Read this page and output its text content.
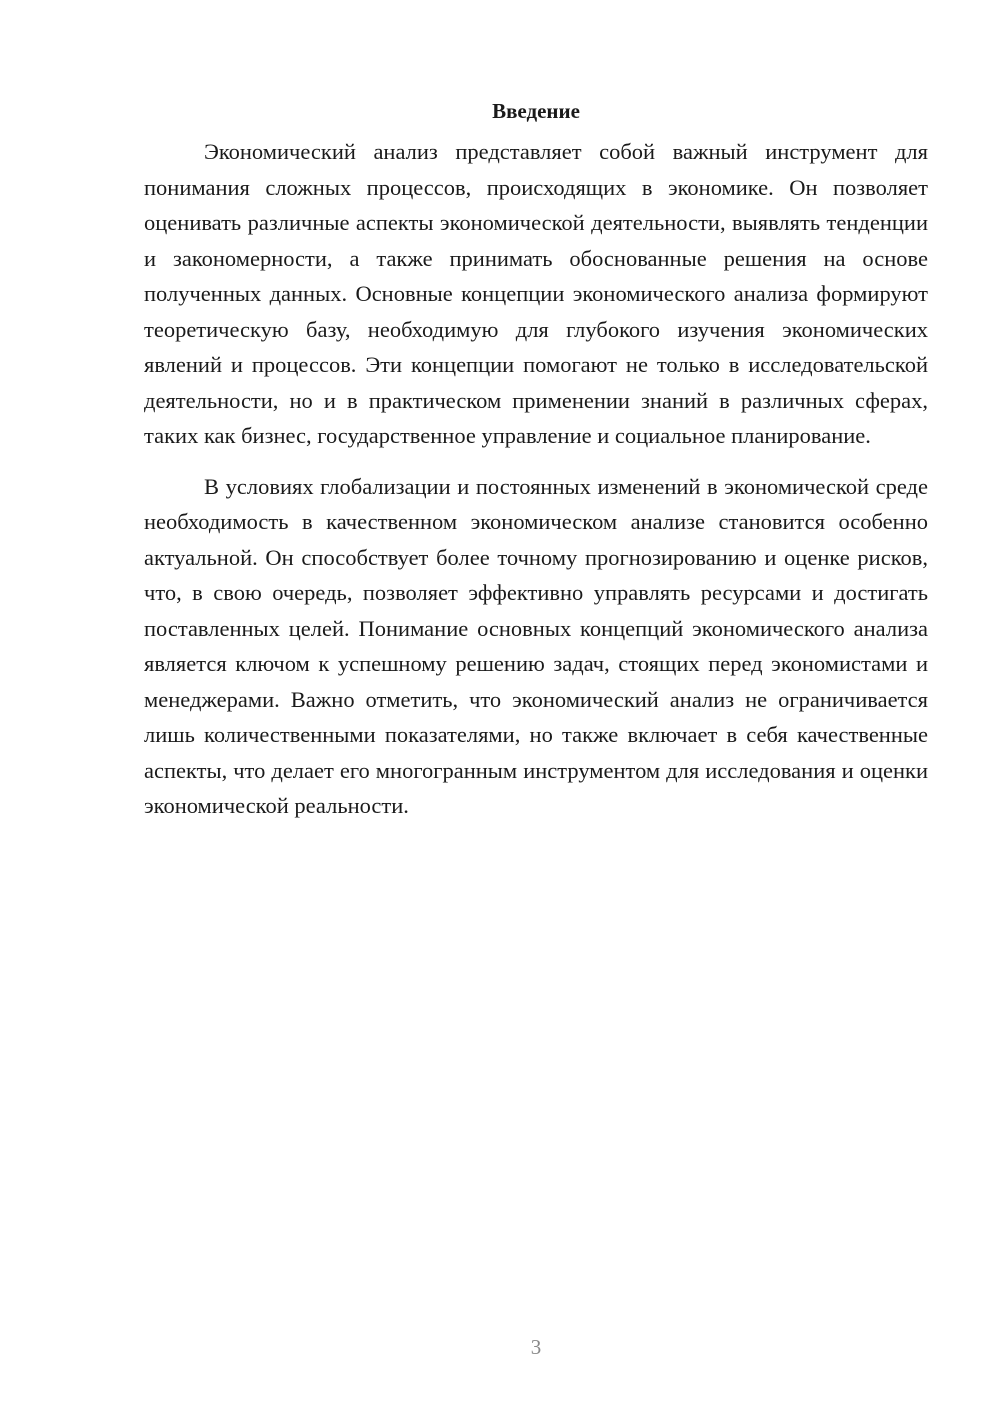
Введение

Экономический анализ представляет собой важный инструмент для понимания сложных процессов, происходящих в экономике. Он позволяет оценивать различные аспекты экономической деятельности, выявлять тенденции и закономерности, а также принимать обоснованные решения на основе полученных данных. Основные концепции экономического анализа формируют теоретическую базу, необходимую для глубокого изучения экономических явлений и процессов. Эти концепции помогают не только в исследовательской деятельности, но и в практическом применении знаний в различных сферах, таких как бизнес, государственное управление и социальное планирование.

В условиях глобализации и постоянных изменений в экономической среде необходимость в качественном экономическом анализе становится особенно актуальной. Он способствует более точному прогнозированию и оценке рисков, что, в свою очередь, позволяет эффективно управлять ресурсами и достигать поставленных целей. Понимание основных концепций экономического анализа является ключом к успешному решению задач, стоящих перед экономистами и менеджерами. Важно отметить, что экономический анализ не ограничивается лишь количественными показателями, но также включает в себя качественные аспекты, что делает его многогранным инструментом для исследования и оценки экономической реальности.

3
